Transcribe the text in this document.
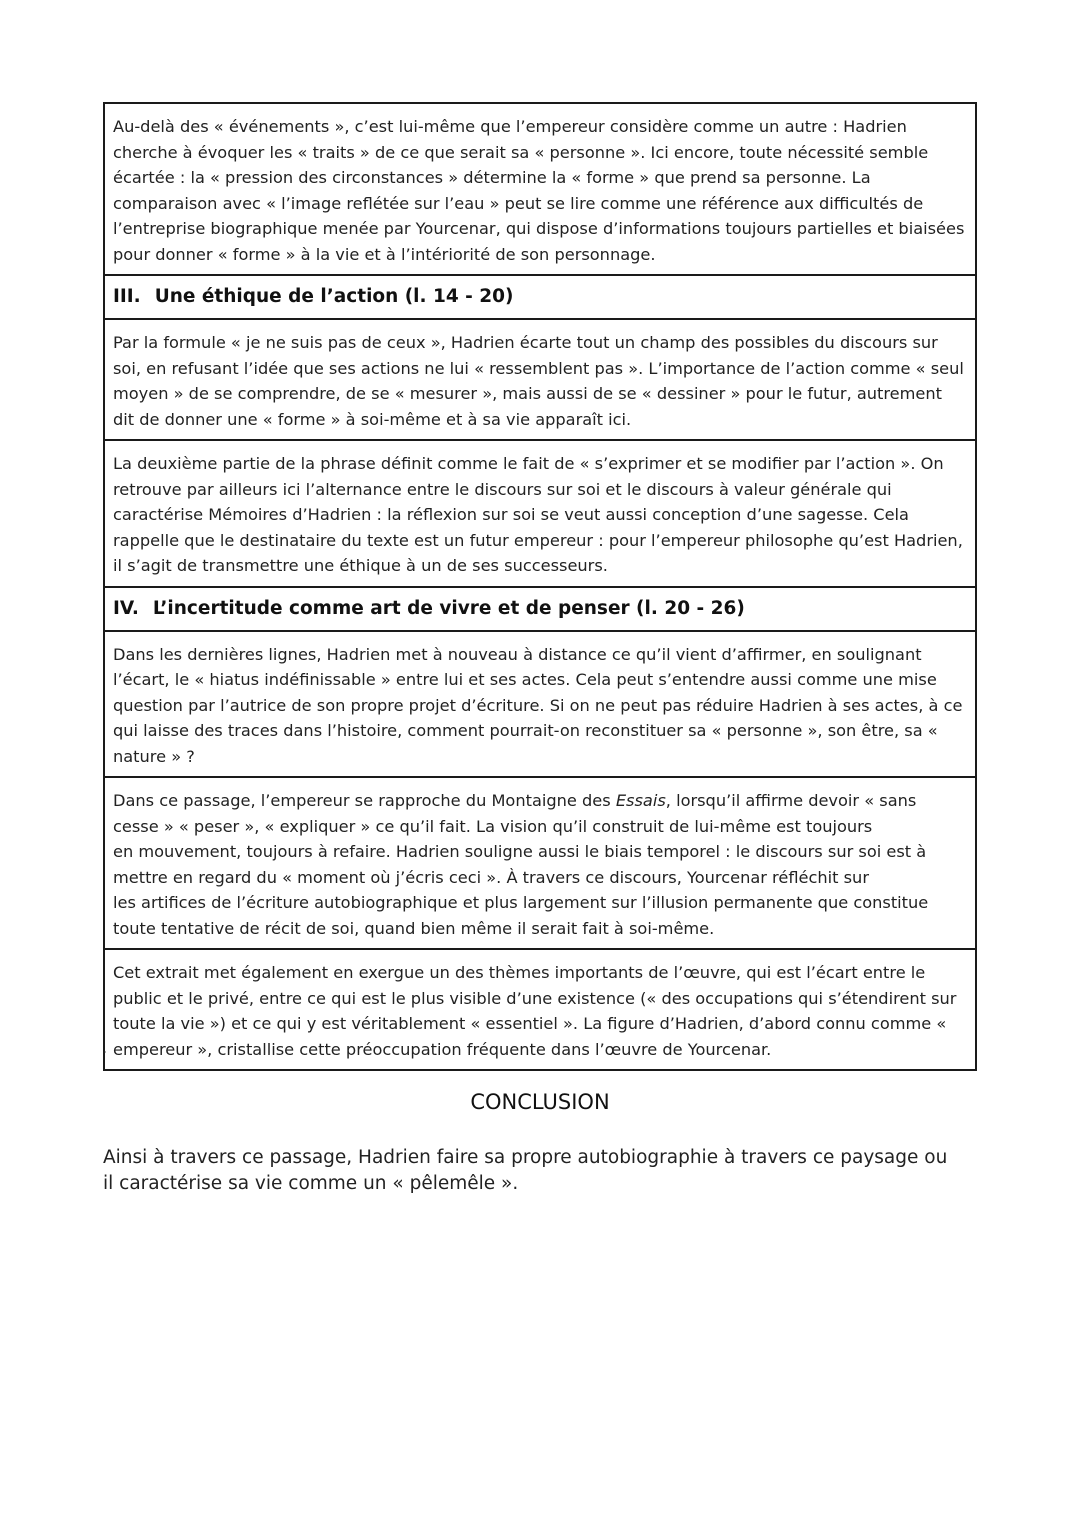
Au-delà des « événements », c’est lui-même que l’empereur considère comme un autre : Hadrien cherche à évoquer les « traits » de ce que serait sa « personne ». Ici encore, toute nécessité semble écartée : la « pression des circonstances » détermine la « forme » que prend sa personne. La comparaison avec « l’image reflétée sur l’eau » peut se lire comme une référence aux difficultés de l’entreprise biographique menée par Yourcenar, qui dispose d’informations toujours partielles et biaisées pour donner « forme » à la vie et à l’intériorité de son personnage.

III. Une éthique de l’action (l. 14 - 20)

Par la formule « je ne suis pas de ceux », Hadrien écarte tout un champ des possibles du discours sur soi, en refusant l’idée que ses actions ne lui « ressemblent pas ». L’importance de l’action comme « seul moyen » de se comprendre, de se « mesurer », mais aussi de se « dessiner » pour le futur, autrement dit de donner une « forme » à soi-même et à sa vie apparaît ici.

La deuxième partie de la phrase définit comme le fait de « s’exprimer et se modifier par l’action ». On retrouve par ailleurs ici l’alternance entre le discours sur soi et le discours à valeur générale qui caractérise Mémoires d’Hadrien : la réflexion sur soi se veut aussi conception d’une sagesse. Cela rappelle que le destinataire du texte est un futur empereur : pour l’empereur philosophe qu’est Hadrien, il s’agit de transmettre une éthique à un de ses successeurs.

IV. L’incertitude comme art de vivre et de penser (l. 20 - 26)

Dans les dernières lignes, Hadrien met à nouveau à distance ce qu’il vient d’affirmer, en soulignant l’écart, le « hiatus indéfinissable » entre lui et ses actes. Cela peut s’entendre aussi comme une mise question par l’autrice de son propre projet d’écriture. Si on ne peut pas réduire Hadrien à ses actes, à ce qui laisse des traces dans l’histoire, comment pourrait-on reconstituer sa « personne », son être, sa « nature » ?

Dans ce passage, l’empereur se rapproche du Montaigne des Essais, lorsqu’il affirme devoir « sans cesse » « peser », « expliquer » ce qu’il fait. La vision qu’il construit de lui-même est toujours
en mouvement, toujours à refaire. Hadrien souligne aussi le biais temporel : le discours sur soi est à mettre en regard du « moment où j’écris ceci ». À travers ce discours, Yourcenar réfléchit sur
les artifices de l’écriture autobiographique et plus largement sur l’illusion permanente que constitue toute tentative de récit de soi, quand bien même il serait fait à soi-même.

Cet extrait met également en exergue un des thèmes importants de l’œuvre, qui est l’écart entre le public et le privé, entre ce qui est le plus visible d’une existence (« des occupations qui s’étendirent sur toute la vie ») et ce qui y est véritablement « essentiel ». La figure d’Hadrien, d’abord connu comme « empereur », cristallise cette préoccupation fréquente dans l’œuvre de Yourcenar.

.
CONCLUSION

Ainsi à travers ce passage, Hadrien faire sa propre autobiographie à travers ce paysage ou il caractérise sa vie comme un « pêlemêle ».
